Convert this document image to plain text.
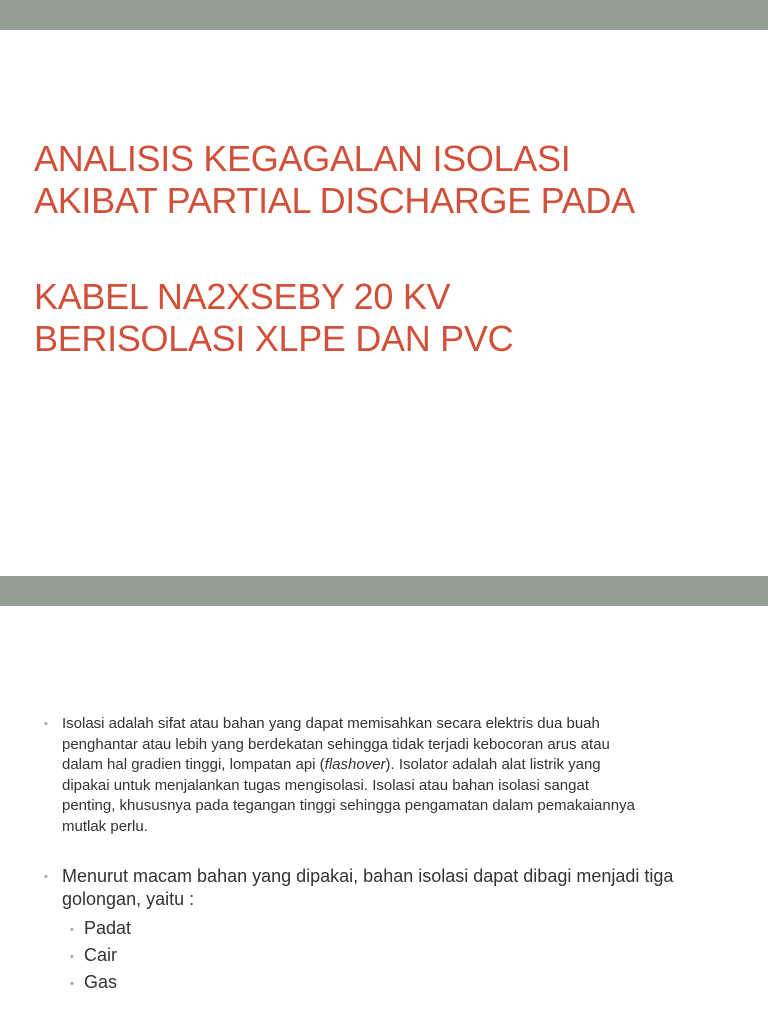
ANALISIS KEGAGALAN ISOLASI
AKIBAT PARTIAL DISCHARGE PADA
KABEL NA2XSEBY 20 KV
BERISOLASI XLPE DAN PVC
• Isolasi adalah sifat atau bahan yang dapat memisahkan secara elektris dua buah
penghantar atau lebih yang berdekatan sehingga tidak terjadi kebocoran arus atau
dalam hal gradien tinggi, lompatan api (flashover). Isolator adalah alat listrik yang
dipakai untuk menjalankan tugas mengisolasi. Isolasi atau bahan isolasi sangat
penting, khususnya pada tegangan tinggi sehingga pengamatan dalam pemakaiannya
mutlak perlu.
• Menurut macam bahan yang dipakai, bahan isolasi dapat dibagi menjadi tiga
golongan, yaitu :
• Padat
• Cair
• Gas
